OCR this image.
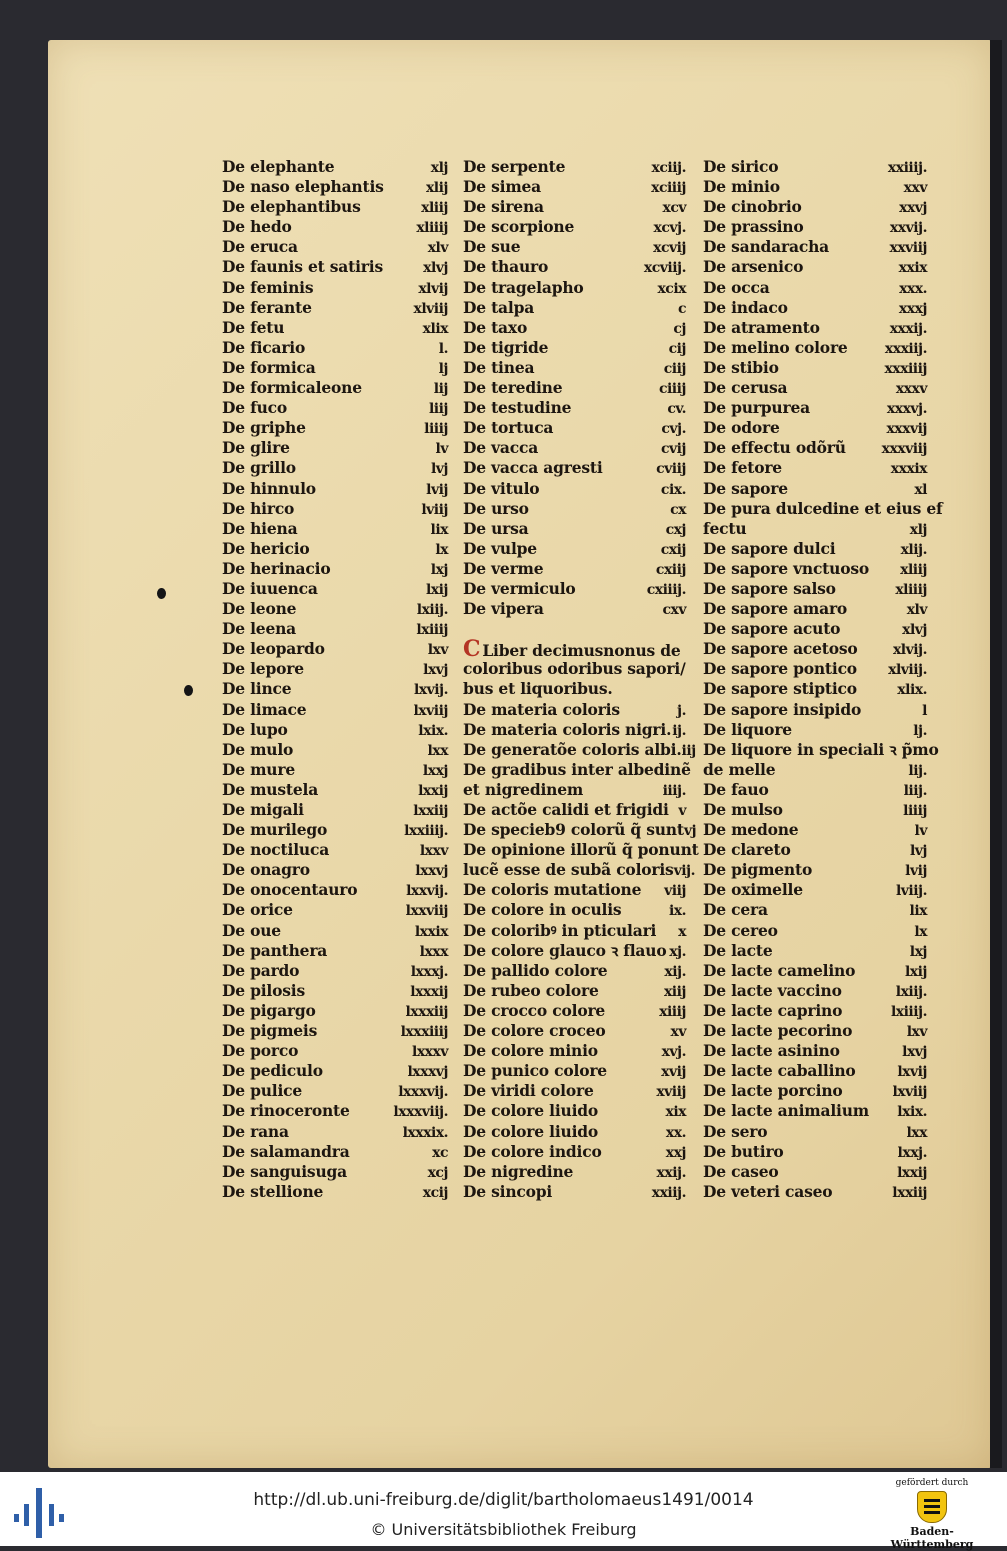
De elephante	xlj
De naso elephantis	xlij
De elephantibus	xliij
De hedo	xliiij
De eruca	xlv
De faunis et satiris	xlvj
De feminis	xlvij
De ferante	xlviij
De fetu	xlix
De ficario	l.
De formica	lj
De formicaleone	lij
De fuco	liij
De griphe	liiij
De glire	lv
De grillo	lvj
De hinnulo	lvij
De hirco	lviij
De hiena	lix
De hericio	lx
De herinacio	lxj
De iuuenca	lxij
De leone	lxiij.
De leena	lxiiij
De leopardo	lxv
De lepore	lxvj
De lince	lxvij.
De limace	lxviij
De lupo	lxix.
De mulo	lxx
De mure	lxxj
De mustela	lxxij
De migali	lxxiij
De murilego	lxxiiij.
De noctiluca	lxxv
De onagro	lxxvj
De onocentauro	lxxvij.
De orice	lxxviij
De oue	lxxix
De panthera	lxxx
De pardo	lxxxj.
De pilosis	lxxxij
De pigargo	lxxxiij
De pigmeis	lxxxiiij
De porco	lxxxv
De pediculo	lxxxvj
De pulice	lxxxvij.
De rinoceronte	lxxxviij.
De rana	lxxxix.
De salamandra	xc
De sanguisuga	xcj
De stellione	xcij
De serpente	xciij.
De simea	xciiij
De sirena	xcv
De scorpione	xcvj.
De sue	xcvij
De thauro	xcviij.
De tragelapho	xcix
De talpa	c
De taxo	cj
De tigride	cij
De tinea	ciij
De teredine	ciiij
De testudine	cv.
De tortuca	cvj.
De vacca	cvij
De vacca agresti	cviij
De vitulo	cix.
De urso	cx
De ursa	cxj
De vulpe	cxij
De verme	cxiij
De vermiculo	cxiiij.
De vipera	cxv
C Liber decimusnonus de
coloribus odoribus sapori/
bus et liquoribus.
De materia coloris	j.
De materia coloris nigri. ij.
De generatõe coloris albi. iij
De gradibus inter albedinẽ
et nigredinem	iiij.
De actõe calidi et frigidi v
De specieb9 colorũ q̃ sunt vj
De opinione illorũ q̃ ponunt
lucẽ esse de subã coloris vij.
De coloris mutatione viij
De colore in oculis	ix.
De coloribꝰ in pticulari x
De colore glauco ꝛ flauo xj.
De pallido colore	xij.
De rubeo colore	xiij
De crocco colore	xiiij
De colore croceo	xv
De colore minio	xvj.
De punico colore	xvij
De viridi colore	xviij
De colore liuido	xix
De colore liuido	xx.
De colore indico	xxj
De nigredine	xxij.
De sincopi	xxiij.
De sirico	xxiiij.
De minio	xxv
De cinobrio	xxvj
De prassino	xxvij.
De sandaracha	xxviij
De arsenico	xxix
De occa	xxx.
De indaco	xxxj
De atramento	xxxij.
De melino colore	xxxiij.
De stibio	xxxiiij
De cerusa	xxxv
De purpurea	xxxvj.
De odore	xxxvij
De effectu odõrũ	xxxviij
De fetore	xxxix
De sapore	xl
De pura dulcedine et eius ef
fectu	xlj
De sapore dulci	xlij.
De sapore vnctuoso xliij
De sapore salso	xliiij
De sapore amaro	xlv
De sapore acuto	xlvj
De sapore acetoso	xlvij.
De sapore pontico xlviij.
De sapore stiptico	xlix.
De sapore insipido	l
De liquore	lj.
De liquore in speciali ꝛ p̃mo
de melle	lij.
De fauo	liij.
De mulso	liiij
De medone	lv
De clareto	lvj
De pigmento	lvij
De oximelle	lviij.
De cera	lix
De cereo	lx
De lacte	lxj
De lacte camelino	lxij
De lacte vaccino	lxiij.
De lacte caprino	lxiiij.
De lacte pecorino	lxv
De lacte asinino	lxvj
De lacte caballino	lxvij
De lacte porcino	lxviij
De lacte animalium lxix.
De sero	lxx
De butiro	lxxj.
De caseo	lxxij
De veteri caseo	lxxiij
http://dl.ub.uni-freiburg.de/diglit/bartholomaeus1491/0014
© Universitätsbibliothek Freiburg
gefördert durch
Baden-Württemberg
